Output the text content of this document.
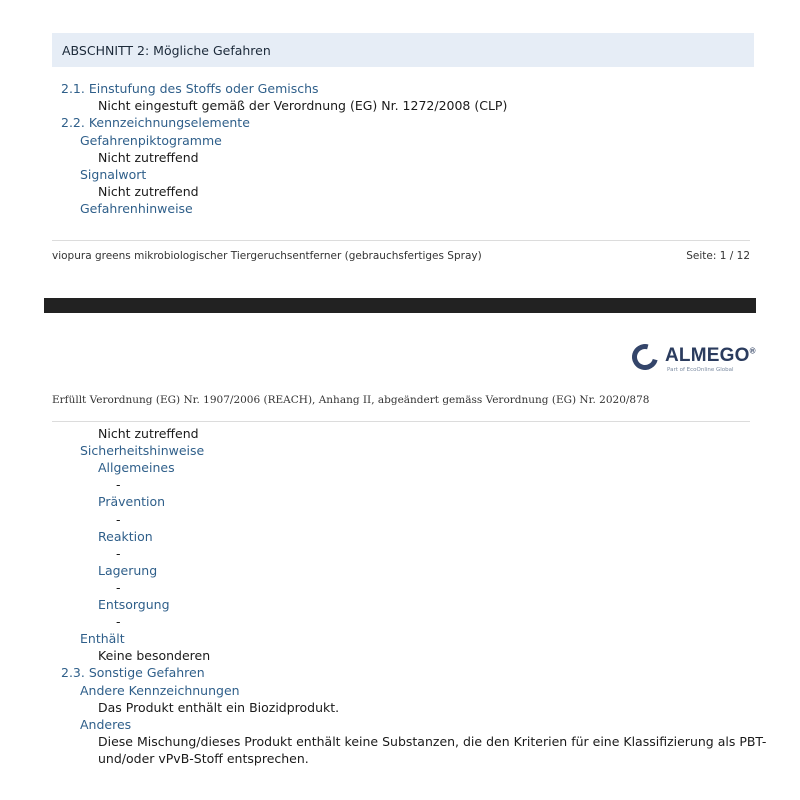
ABSCHNITT 2: Mögliche Gefahren
2.1. Einstufung des Stoffs oder Gemischs
Nicht eingestuft gemäß der Verordnung (EG) Nr. 1272/2008 (CLP)
2.2. Kennzeichnungselemente
Gefahrenpiktogramme
Nicht zutreffend
Signalwort
Nicht zutreffend
Gefahrenhinweise
viopura greens mikrobiologischer Tiergeruchsentferner (gebrauchsfertiges Spray)	Seite: 1 / 12
ALMEGO®
Part of EcoOnline Global
Erfüllt Verordnung (EG) Nr. 1907/2006 (REACH), Anhang II, abgeändert gemäss Verordnung (EG) Nr. 2020/878
Nicht zutreffend
Sicherheitshinweise
Allgemeines
-
Prävention
-
Reaktion
-
Lagerung
-
Entsorgung
-
Enthält
Keine besonderen
2.3. Sonstige Gefahren
Andere Kennzeichnungen
Das Produkt enthält ein Biozidprodukt.
Anderes
Diese Mischung/dieses Produkt enthält keine Substanzen, die den Kriterien für eine Klassifizierung als PBT-
und/oder vPvB-Stoff entsprechen.
